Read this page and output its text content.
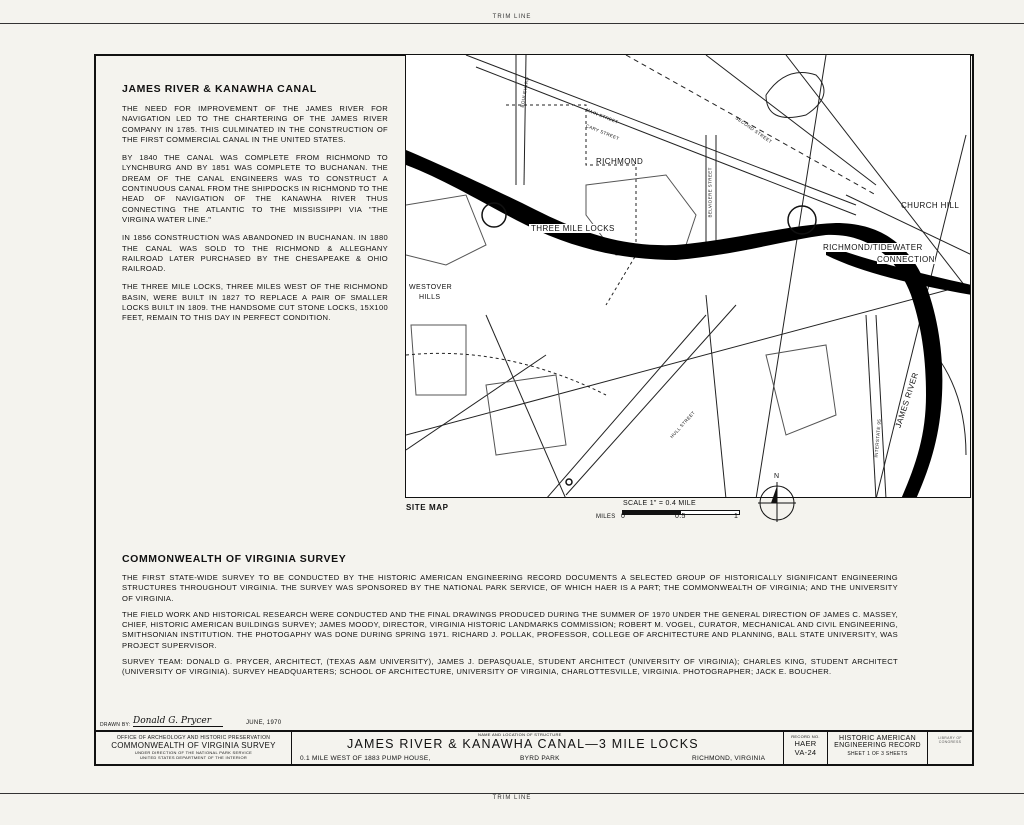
TRIM LINE
TRIM LINE
JAMES RIVER & KANAWHA CANAL

THE NEED FOR IMPROVEMENT OF THE JAMES RIVER FOR NAVIGATION LED TO THE CHARTERING OF THE JAMES RIVER COMPANY IN 1785. THIS CULMINATED IN THE CONSTRUCTION OF THE FIRST COMMERCIAL CANAL IN THE UNITED STATES.

BY 1840 THE CANAL WAS COMPLETE FROM RICHMOND TO LYNCHBURG AND BY 1851 WAS COMPLETE TO BUCHANAN. THE DREAM OF THE CANAL ENGINEERS WAS TO CONSTRUCT A CONTINUOUS CANAL FROM THE SHIPDOCKS IN RICHMOND TO THE HEAD OF NAVIGATION OF THE KANAWHA RIVER THUS CONNECTING THE ATLANTIC TO THE MISSISSIPPI VIA "THE VIRGINA WATER LINE."

IN 1856 CONSTRUCTION WAS ABANDONED IN BUCHANAN. IN 1880 THE CANAL WAS SOLD TO THE RICHMOND & ALLEGHANY RAILROAD LATER PURCHASED BY THE CHESAPEAKE & OHIO RAILROAD.

THE THREE MILE LOCKS, THREE MILES WEST OF THE RICHMOND BASIN, WERE BUILT IN 1827 TO REPLACE A PAIR OF SMALLER LOCKS BUILT IN 1809. THE HANDSOME CUT STONE LOCKS, 15X100 FEET, REMAIN TO THIS DAY IN PERFECT CONDITION.

RICHMOND
THREE MILE LOCKS
CHURCH HILL
RICHMOND/TIDEWATER
CONNECTION
WESTOVER
HILLS
JAMES RIVER
MAIN STREET
CARY STREET	SECOND STREET
BOULEVARD
BELVIDERE STREET
HULL STREET	INTERSTATE 95
SITE MAP	SCALE 1" = 0.4 MILE
MILES 0	0.5	1
N
COMMONWEALTH OF VIRGINIA SURVEY

THE FIRST STATE-WIDE SURVEY TO BE CONDUCTED BY THE HISTORIC AMERICAN ENGINEERING RECORD DOCUMENTS A SELECTED GROUP OF HISTORICALLY SIGNIFICANT ENGINEERING STRUCTURES THROUGHOUT VIRGINIA. THE SURVEY WAS SPONSORED BY THE NATIONAL PARK SERVICE, OF WHICH HAER IS A PART; THE COMMONWEALTH OF VIRGINIA; AND THE UNIVERSITY OF VIRGINIA.

THE FIELD WORK AND HISTORICAL RESEARCH WERE CONDUCTED AND THE FINAL DRAWINGS PRODUCED DURING THE SUMMER OF 1970 UNDER THE GENERAL DIRECTION OF JAMES C. MASSEY, CHIEF, HISTORIC AMERICAN BUILDINGS SURVEY; JAMES MOODY, DIRECTOR, VIRGINIA HISTORIC LANDMARKS COMMISSION; ROBERT M. VOGEL, CURATOR, MECHANICAL AND CIVIL ENGINEERING, SMITHSONIAN INSTITUTION. THE PHOTOGAPHY WAS DONE DURING SPRING 1971. RICHARD J. POLLAK, PROFESSOR, COLLEGE OF ARCHITECTURE AND PLANNING, BALL STATE UNIVERSITY, WAS PROJECT SUPERVISOR.

SURVEY TEAM: DONALD G. PRYCER, ARCHITECT, (TEXAS A&M UNIVERSITY), JAMES J. DEPASQUALE, STUDENT ARCHITECT (UNIVERSITY OF VIRGINIA); CHARLES KING, STUDENT ARCHITECT (UNIVERSITY OF VIRGINIA). SURVEY HEADQUARTERS; SCHOOL OF ARCHITECTURE, UNIVERSITY OF VIRGINIA, CHARLOTTESVILLE, VIRGINIA. PHOTOGRAPHER; JACK E. BOUCHER.

DRAWN BY: Donald G. Prycer	JUNE, 1970
OFFICE OF ARCHEOLOGY AND HISTORIC PRESERVATION
COMMONWEALTH OF VIRGINIA SURVEY
UNDER DIRECTION OF THE NATIONAL PARK SERVICE
UNITED STATES DEPARTMENT OF THE INTERIOR
NAME AND LOCATION OF STRUCTURE
JAMES RIVER & KANAWHA CANAL—3 MILE LOCKS
0.1 MILE WEST OF 1883 PUMP HOUSE,	BYRD PARK	RICHMOND, VIRGINIA
RECORD NO.
HAER
VA-24
HISTORIC AMERICAN
ENGINEERING RECORD
SHEET 1 OF 3 SHEETS
LIBRARY OF CONGRESS
